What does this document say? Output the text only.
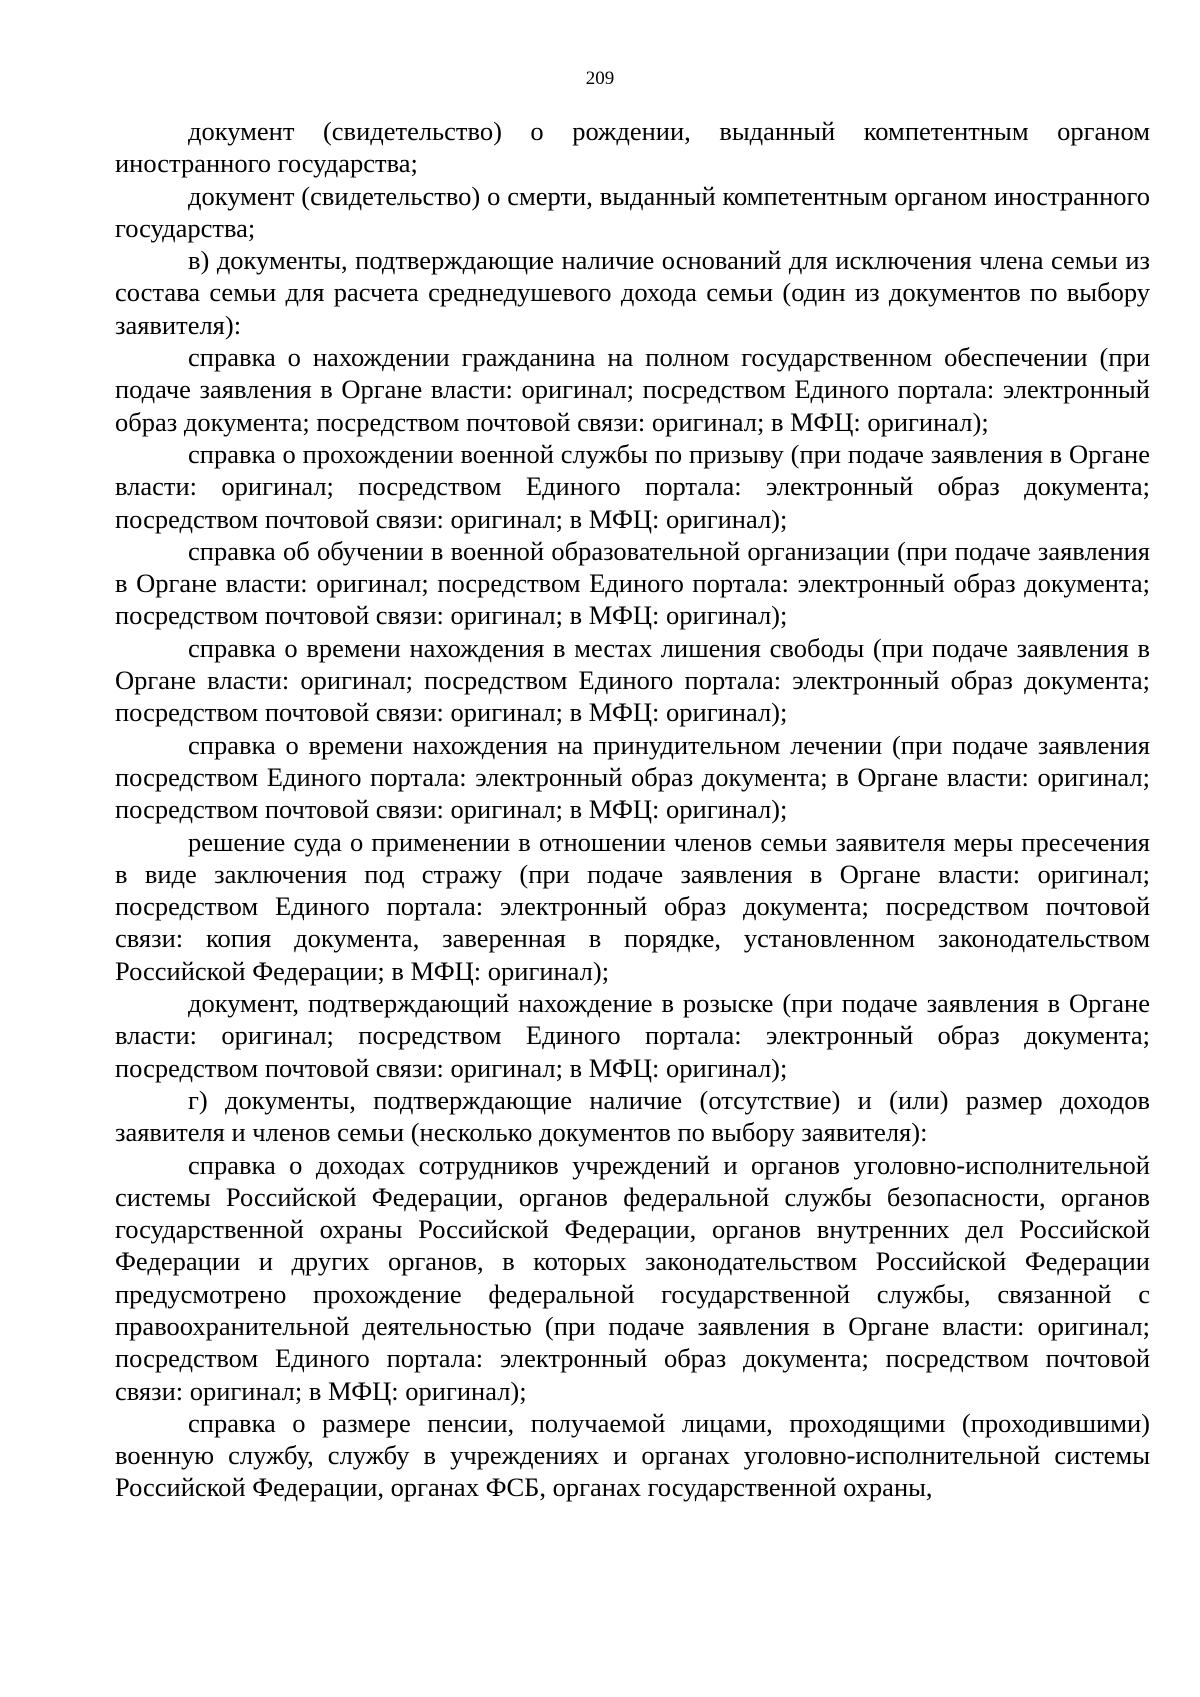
209

документ (свидетельство) о рождении, выданный компетентным органом иностранного государства;

документ (свидетельство) о смерти, выданный компетентным органом иностранного государства;

в) документы, подтверждающие наличие оснований для исключения члена семьи из состава семьи для расчета среднедушевого дохода семьи (один из документов по выбору заявителя):

справка о нахождении гражданина на полном государственном обеспечении (при подаче заявления в Органе власти: оригинал; посредством Единого портала: электронный образ документа; посредством почтовой связи: оригинал; в МФЦ: оригинал);

справка о прохождении военной службы по призыву (при подаче заявления в Органе власти: оригинал; посредством Единого портала: электронный образ документа; посредством почтовой связи: оригинал; в МФЦ: оригинал);

справка об обучении в военной образовательной организации (при подаче заявления в Органе власти: оригинал; посредством Единого портала: электронный образ документа; посредством почтовой связи: оригинал; в МФЦ: оригинал);

справка о времени нахождения в местах лишения свободы (при подаче заявления в Органе власти: оригинал; посредством Единого портала: электронный образ документа; посредством почтовой связи: оригинал; в МФЦ: оригинал);

справка о времени нахождения на принудительном лечении (при подаче заявления посредством Единого портала: электронный образ документа; в Органе власти: оригинал; посредством почтовой связи: оригинал; в МФЦ: оригинал);

решение суда о применении в отношении членов семьи заявителя меры пресечения в виде заключения под стражу (при подаче заявления в Органе власти: оригинал; посредством Единого портала: электронный образ документа; посредством почтовой связи: копия документа, заверенная в порядке, установленном законодательством Российской Федерации; в МФЦ: оригинал);

документ, подтверждающий нахождение в розыске (при подаче заявления в Органе власти: оригинал; посредством Единого портала: электронный образ документа; посредством почтовой связи: оригинал; в МФЦ: оригинал);

г) документы, подтверждающие наличие (отсутствие) и (или) размер доходов заявителя и членов семьи (несколько документов по выбору заявителя):

справка о доходах сотрудников учреждений и органов уголовно-исполнительной системы Российской Федерации, органов федеральной службы безопасности, органов государственной охраны Российской Федерации, органов внутренних дел Российской Федерации и других органов, в которых законодательством Российской Федерации предусмотрено прохождение федеральной государственной службы, связанной с правоохранительной деятельностью (при подаче заявления в Органе власти: оригинал; посредством Единого портала: электронный образ документа; посредством почтовой связи: оригинал; в МФЦ: оригинал);

справка о размере пенсии, получаемой лицами, проходящими (проходившими) военную службу, службу в учреждениях и органах уголовно-исполнительной системы Российской Федерации, органах ФСБ, органах государственной охраны,
